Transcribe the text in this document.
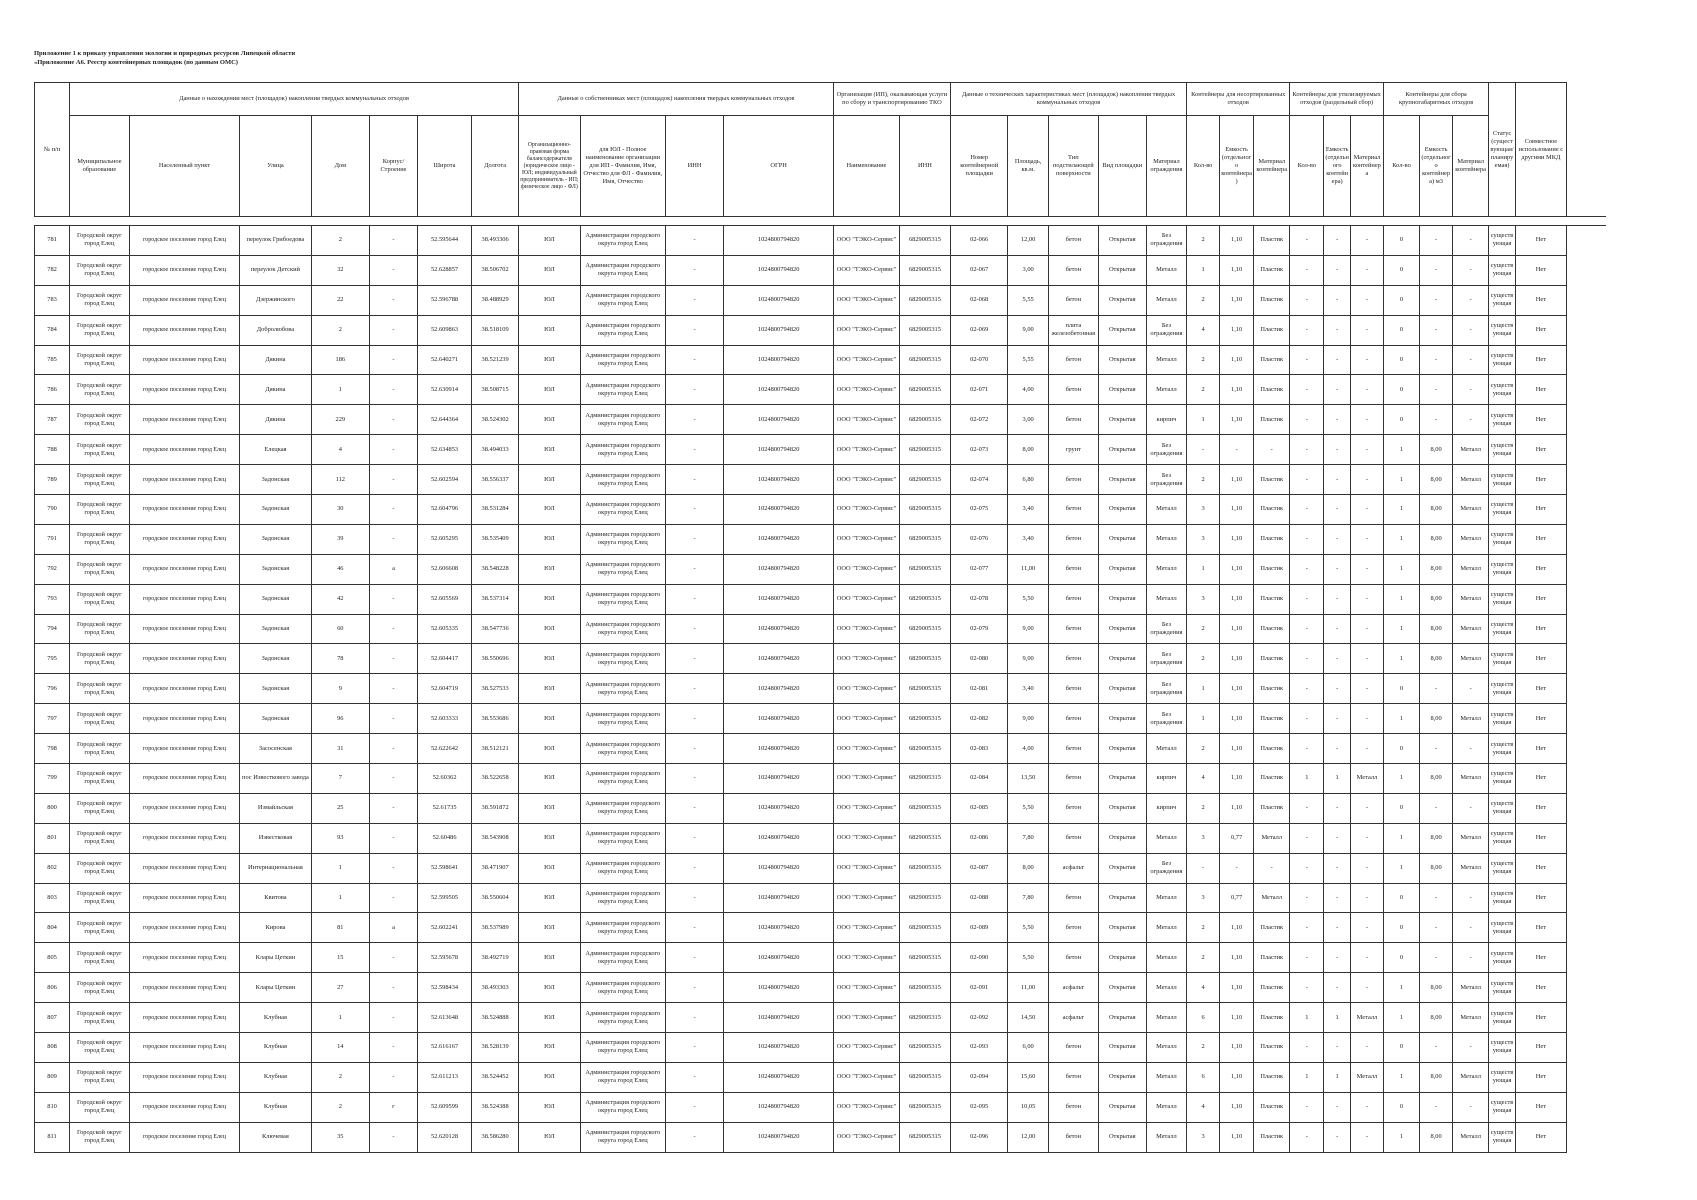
Приложение 1 к приказу управления экологии и природных ресурсов Липецкой области
«Приложение А6. Реестр контейнерных площадок (по данным ОМС)
№ п/п	Данные о нахождении мест (площадок) накопления твердых коммунальных отходов							Данные о собственниках мест (площадок) накопления твердых коммунальных отходов				Организация (ИП), оказывающая услуги по сбору и транспортированию ТКО		Данные о технических характеристиках мест (площадок) накопления твердых коммунальных отходов					Контейнеры для несортированных отходов			Контейнеры для утилизируемых отходов (раздельный сбор)			Контейнеры для сбора крупногабаритных отходов			Статус (существующая/ планируемая)	Совместное использование с другими МКД
	Муниципальное образование	Населенный пункт	Улица	Дом	Корпус/Строение	Широта	Долгота	Организационно-правовая форма балансодержателя (юридическое лицо - ЮЛ; индивидуальный предприниматель - ИП; физическое лицо - ФЛ)	для ЮЛ - Полное наименование организации для ИП - Фамилия, Имя, Отчество для ФЛ - Фамилия, Имя, Отчество	ИНН	ОГРН	Наименование	ИНН	Номер контейнерной площадки	Площадь, кв.м.	Тип подстилающей поверхности	Вид площадки	Материал ограждения	Кол-во	Емкость (отдельного контейнера)	Материал контейнера	Кол-во	Емкость (отдельного контейнера)	Материал контейнера	Кол-во	Емкость (отдельного контейнера) м3	Материал контейнера		

781	Городской округ город Елец	городское поселение город Елец	переулок Грибоедова	2	-	52.595644	38.493306	ЮЛ	Администрация городского округа город Елец	-	1024800794820	ООО "ТЭКО-Сервис"	6829005315	02-066	12,00	бетон	Открытая	Без ограждения	2	1,10	Пластик	-	-	-	0	-	-	существующая	Нет
782	Городской округ город Елец	городское поселение город Елец	переулок Детский	32	-	52.628857	38.506702	ЮЛ	Администрация городского округа город Елец	-	1024800794820	ООО "ТЭКО-Сервис"	6829005315	02-067	3,00	бетон	Открытая	Металл	1	1,10	Пластик	-	-	-	0	-	-	существующая	Нет
783	Городской округ город Елец	городское поселение город Елец	Дзержинского	22	-	52.596788	38.488929	ЮЛ	Администрация городского округа город Елец	-	1024800794820	ООО "ТЭКО-Сервис"	6829005315	02-068	5,55	бетон	Открытая	Металл	2	1,10	Пластик	-	-	-	0	-	-	существующая	Нет
784	Городской округ город Елец	городское поселение город Елец	Добролюбова	2	-	52.609863	38.518109	ЮЛ	Администрация городского округа город Елец	-	1024800794820	ООО "ТЭКО-Сервис"	6829005315	02-069	9,00	плита железобетонная	Открытая	Без ограждения	4	1,10	Пластик	-	-	-	0	-	-	существующая	Нет
785	Городской округ город Елец	городское поселение город Елец	Дякина	186	-	52.640271	38.521239	ЮЛ	Администрация городского округа город Елец	-	1024800794820	ООО "ТЭКО-Сервис"	6829005315	02-070	5,55	бетон	Открытая	Металл	2	1,10	Пластик	-	-	-	0	-	-	существующая	Нет
786	Городской округ город Елец	городское поселение город Елец	Дякина	1	-	52.630914	38.508715	ЮЛ	Администрация городского округа город Елец	-	1024800794820	ООО "ТЭКО-Сервис"	6829005315	02-071	4,00	бетон	Открытая	Металл	2	1,10	Пластик	-	-	-	0	-	-	существующая	Нет
787	Городской округ город Елец	городское поселение город Елец	Дякина	229	-	52.644364	38.524302	ЮЛ	Администрация городского округа город Елец	-	1024800794820	ООО "ТЭКО-Сервис"	6829005315	02-072	3,00	бетон	Открытая	кирпич	1	1,10	Пластик	-	-	-	0	-	-	существующая	Нет
788	Городской округ город Елец	городское поселение город Елец	Елецкая	4	-	52.634853	38.494033	ЮЛ	Администрация городского округа город Елец	-	1024800794820	ООО "ТЭКО-Сервис"	6829005315	02-073	8,00	грунт	Открытая	Без ограждения	-	-	-	-	-	-	1	8,00	Металл	существующая	Нет
789	Городской округ город Елец	городское поселение город Елец	Задонская	112	-	52.602594	38.556337	ЮЛ	Администрация городского округа город Елец	-	1024800794820	ООО "ТЭКО-Сервис"	6829005315	02-074	6,80	бетон	Открытая	Без ограждения	2	1,10	Пластик	-	-	-	1	8,00	Металл	существующая	Нет
790	Городской округ город Елец	городское поселение город Елец	Задонская	30	-	52.604796	38.531284	ЮЛ	Администрация городского округа город Елец	-	1024800794820	ООО "ТЭКО-Сервис"	6829005315	02-075	3,40	бетон	Открытая	Металл	3	1,10	Пластик	-	-	-	1	8,00	Металл	существующая	Нет
791	Городской округ город Елец	городское поселение город Елец	Задонская	39	-	52.605295	38.535409	ЮЛ	Администрация городского округа город Елец	-	1024800794820	ООО "ТЭКО-Сервис"	6829005315	02-076	3,40	бетон	Открытая	Металл	3	1,10	Пластик	-	-	-	1	8,00	Металл	существующая	Нет
792	Городской округ город Елец	городское поселение город Елец	Задонская	46	а	52.606608	38.548228	ЮЛ	Администрация городского округа город Елец	-	1024800794820	ООО "ТЭКО-Сервис"	6829005315	02-077	11,00	бетон	Открытая	Металл	1	1,10	Пластик	-	-	-	1	8,00	Металл	существующая	Нет
793	Городской округ город Елец	городское поселение город Елец	Задонская	42	-	52.605569	38.537314	ЮЛ	Администрация городского округа город Елец	-	1024800794820	ООО "ТЭКО-Сервис"	6829005315	02-078	5,50	бетон	Открытая	Металл	3	1,10	Пластик	-	-	-	1	8,00	Металл	существующая	Нет
794	Городской округ город Елец	городское поселение город Елец	Задонская	60	-	52.605335	38.547736	ЮЛ	Администрация городского округа город Елец	-	1024800794820	ООО "ТЭКО-Сервис"	6829005315	02-079	9,00	бетон	Открытая	Без ограждения	2	1,10	Пластик	-	-	-	1	8,00	Металл	существующая	Нет
795	Городской округ город Елец	городское поселение город Елец	Задонская	78	-	52.604417	38.550696	ЮЛ	Администрация городского округа город Елец	-	1024800794820	ООО "ТЭКО-Сервис"	6829005315	02-080	9,00	бетон	Открытая	Без ограждения	2	1,10	Пластик	-	-	-	1	8,00	Металл	существующая	Нет
796	Городской округ город Елец	городское поселение город Елец	Задонская	9	-	52.604719	38.527533	ЮЛ	Администрация городского округа город Елец	-	1024800794820	ООО "ТЭКО-Сервис"	6829005315	02-081	3,40	бетон	Открытая	Без ограждения	1	1,10	Пластик	-	-	-	0	-	-	существующая	Нет
797	Городской округ город Елец	городское поселение город Елец	Задонская	96	-	52.603333	38.553686	ЮЛ	Администрация городского округа город Елец	-	1024800794820	ООО "ТЭКО-Сервис"	6829005315	02-082	9,00	бетон	Открытая	Без ограждения	1	1,10	Пластик	-	-	-	1	8,00	Металл	существующая	Нет
798	Городской округ город Елец	городское поселение город Елец	Засосенская	31	-	52.622642	38.512121	ЮЛ	Администрация городского округа город Елец	-	1024800794820	ООО "ТЭКО-Сервис"	6829005315	02-083	4,00	бетон	Открытая	Металл	2	1,10	Пластик	-	-	-	0	-	-	существующая	Нет
799	Городской округ город Елец	городское поселение город Елец	пос Известкового завода	7	-	52.60362	38.522658	ЮЛ	Администрация городского округа город Елец	-	1024800794820	ООО "ТЭКО-Сервис"	6829005315	02-084	13,50	бетон	Открытая	кирпич	4	1,10	Пластик	1	1	Металл	1	8,00	Металл	существующая	Нет
800	Городской округ город Елец	городское поселение город Елец	Измайльская	25	-	52.61735	38.591872	ЮЛ	Администрация городского округа город Елец	-	1024800794820	ООО "ТЭКО-Сервис"	6829005315	02-085	5,50	бетон	Открытая	кирпич	2	1,10	Пластик	-	-	-	0	-	-	существующая	Нет
801	Городской округ город Елец	городское поселение город Елец	Известковая	93	-	52.60486	38.543908	ЮЛ	Администрация городского округа город Елец	-	1024800794820	ООО "ТЭКО-Сервис"	6829005315	02-086	7,80	бетон	Открытая	Металл	3	0,77	Металл	-	-	-	1	8,00	Металл	существующая	Нет
802	Городской округ город Елец	городское поселение город Елец	Интернациональная	1	-	52.598641	38.471907	ЮЛ	Администрация городского округа город Елец	-	1024800794820	ООО "ТЭКО-Сервис"	6829005315	02-087	8,00	асфальт	Открытая	Без ограждения	-	-	-	-	-	-	1	8,00	Металл	существующая	Нет
803	Городской округ город Елец	городское поселение город Елец	Квитова	1	-	52.599505	38.550604	ЮЛ	Администрация городского округа город Елец	-	1024800794820	ООО "ТЭКО-Сервис"	6829005315	02-088	7,80	бетон	Открытая	Металл	3	0,77	Металл	-	-	-	0	-	-	существующая	Нет
804	Городской округ город Елец	городское поселение город Елец	Кирова	81	а	52.602241	38.537989	ЮЛ	Администрация городского округа город Елец	-	1024800794820	ООО "ТЭКО-Сервис"	6829005315	02-089	5,50	бетон	Открытая	Металл	2	1,10	Пластик	-	-	-	0	-	-	существующая	Нет
805	Городской округ город Елец	городское поселение город Елец	Клары Цеткин	15	-	52.595678	38.492719	ЮЛ	Администрация городского округа город Елец	-	1024800794820	ООО "ТЭКО-Сервис"	6829005315	02-090	5,50	бетон	Открытая	Металл	2	1,10	Пластик	-	-	-	0	-	-	существующая	Нет
806	Городской округ город Елец	городское поселение город Елец	Клары Цеткин	27	-	52.598434	38.493303	ЮЛ	Администрация городского округа город Елец	-	1024800794820	ООО "ТЭКО-Сервис"	6829005315	02-091	11,00	асфальт	Открытая	Металл	4	1,10	Пластик	-	-	-	1	8,00	Металл	существующая	Нет
807	Городской округ город Елец	городское поселение город Елец	Клубная	1	-	52.613648	38.524888	ЮЛ	Администрация городского округа город Елец	-	1024800794820	ООО "ТЭКО-Сервис"	6829005315	02-092	14,50	асфальт	Открытая	Металл	6	1,10	Пластик	1	1	Металл	1	8,00	Металл	существующая	Нет
808	Городской округ город Елец	городское поселение город Елец	Клубная	14	-	52.616167	38.528139	ЮЛ	Администрация городского округа город Елец	-	1024800794820	ООО "ТЭКО-Сервис"	6829005315	02-093	6,00	бетон	Открытая	Металл	2	1,10	Пластик	-	-	-	0	-	-	существующая	Нет
809	Городской округ город Елец	городское поселение город Елец	Клубная	2	-	52.611213	38.524452	ЮЛ	Администрация городского округа город Елец	-	1024800794820	ООО "ТЭКО-Сервис"	6829005315	02-094	15,60	бетон	Открытая	Металл	6	1,10	Пластик	1	1	Металл	1	8,00	Металл	существующая	Нет
810	Городской округ город Елец	городское поселение город Елец	Клубная	2	г	52.609599	38.524388	ЮЛ	Администрация городского округа город Елец	-	1024800794820	ООО "ТЭКО-Сервис"	6829005315	02-095	10,05	бетон	Открытая	Металл	4	1,10	Пластик	-	-	-	0	-	-	существующая	Нет
811	Городской округ город Елец	городское поселение город Елец	Ключевая	35	-	52.620128	38.586280	ЮЛ	Администрация городского округа город Елец	-	1024800794820	ООО "ТЭКО-Сервис"	6829005315	02-096	12,00	бетон	Открытая	Металл	3	1,10	Пластик	-	-	-	1	8,00	Металл	существующая	Нет
